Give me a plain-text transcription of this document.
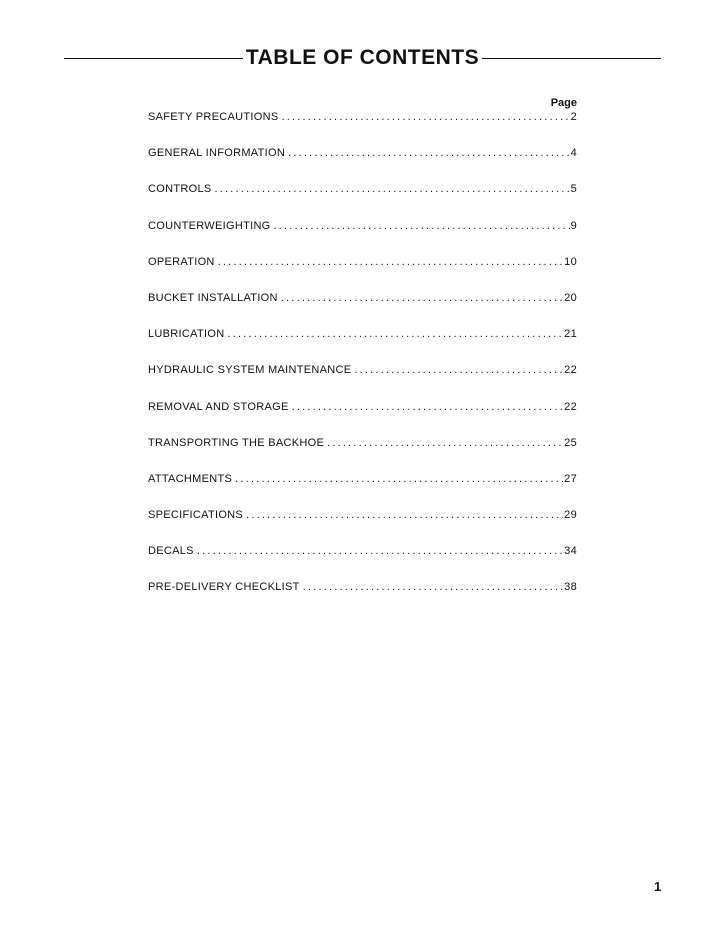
TABLE OF CONTENTS
Page
SAFETY PRECAUTIONS .....	2
GENERAL INFORMATION .....	4
CONTROLS .....	5
COUNTERWEIGHTING .....	9
OPERATION .....	10
BUCKET INSTALLATION .....	20
LUBRICATION .....	21
HYDRAULIC SYSTEM MAINTENANCE .....	22
REMOVAL AND STORAGE .....	22
TRANSPORTING THE BACKHOE .....	25
ATTACHMENTS .....	27
SPECIFICATIONS .....	29
DECALS .....	34
PRE-DELIVERY CHECKLIST .....	38
1
